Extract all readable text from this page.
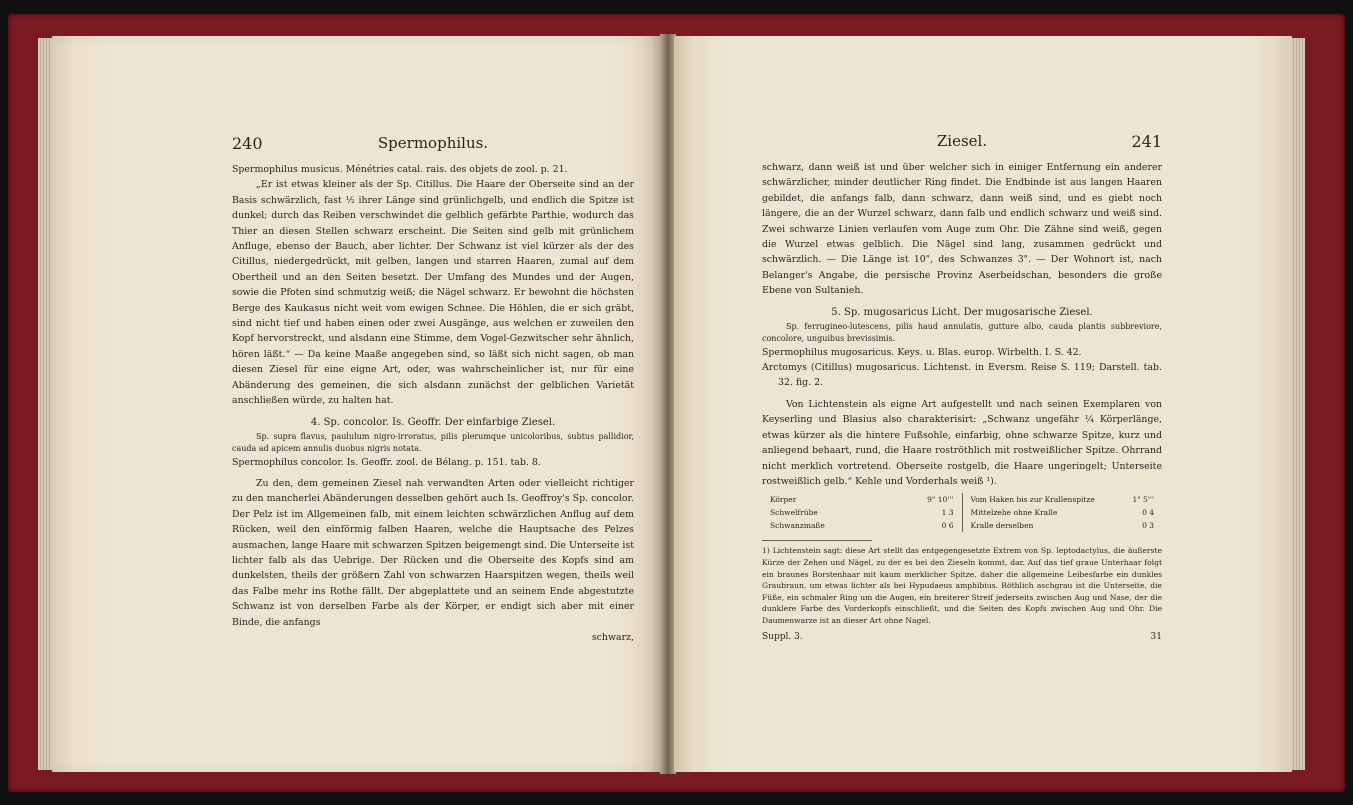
240	Spermophilus.

Spermophilus musicus. Ménétries catal. rais. des objets de zool. p. 21.

„Er ist etwas kleiner als der Sp. Citillus. Die Haare der Oberseite sind an der Basis schwärzlich, fast ½ ihrer Länge sind grünlichgelb, und endlich die Spitze ist dunkel; durch das Reiben verschwindet die gelblich gefärbte Parthie, wodurch das Thier an diesen Stellen schwarz erscheint. Die Seiten sind gelb mit grünlichem Anfluge, ebenso der Bauch, aber lichter. Der Schwanz ist viel kürzer als der des Citillus, niedergedrückt, mit gelben, langen und starren Haaren, zumal auf dem Obertheil und an den Seiten besetzt. Der Umfang des Mundes und der Augen, sowie die Pfoten sind schmutzig weiß; die Nägel schwarz. Er bewohnt die höchsten Berge des Kaukasus nicht weit vom ewigen Schnee. Die Höhlen, die er sich gräbt, sind nicht tief und haben einen oder zwei Ausgänge, aus welchen er zuweilen den Kopf hervorstreckt, und alsdann eine Stimme, dem Vogel-Gezwitscher sehr ähnlich, hören läßt.“ — Da keine Maaße angegeben sind, so läßt sich nicht sagen, ob man diesen Ziesel für eine eigne Art, oder, was wahrscheinlicher ist, nur für eine Abänderung des gemeinen, die sich alsdann zunächst der gelblichen Varietät anschließen würde, zu halten hat.

4. Sp. concolor. Is. Geoffr. Der einfarbige Ziesel.

Sp. supra flavus, paululum nigro-irroratus, pilis plerumque unicoloribus, subtus pallidior, cauda ad apicem annulis duobus nigris notata.

Spermophilus concolor. Is. Geoffr. zool. de Bélang. p. 151. tab. 8.

Zu den, dem gemeinen Ziesel nah verwandten Arten oder vielleicht richtiger zu den mancherlei Abänderungen desselben gehört auch Is. Geoffroy's Sp. concolor. Der Pelz ist im Allgemeinen falb, mit einem leichten schwärzlichen Anflug auf dem Rücken, weil den einförmig falben Haaren, welche die Hauptsache des Pelzes ausmachen, lange Haare mit schwarzen Spitzen beigemengt sind. Die Unterseite ist lichter falb als das Uebrige. Der Rücken und die Oberseite des Kopfs sind am dunkelsten, theils der größern Zahl von schwarzen Haarspitzen wegen, theils weil das Falbe mehr ins Rothe fällt. Der abgeplattete und an seinem Ende abgestutzte Schwanz ist von derselben Farbe als der Körper, er endigt sich aber mit einer Binde, die anfangs

schwarz,

Ziesel.	241

schwarz, dann weiß ist und über welcher sich in einiger Entfernung ein anderer schwärzlicher, minder deutlicher Ring findet. Die Endbinde ist aus langen Haaren gebildet, die anfangs falb, dann schwarz, dann weiß sind, und es giebt noch längere, die an der Wurzel schwarz, dann falb und endlich schwarz und weiß sind. Zwei schwarze Linien verlaufen vom Auge zum Ohr. Die Zähne sind weiß, gegen die Wurzel etwas gelblich. Die Nägel sind lang, zusammen gedrückt und schwärzlich. — Die Länge ist 10", des Schwanzes 3". — Der Wohnort ist, nach Belanger's Angabe, die persische Provinz Aserbeidschan, besonders die große Ebene von Sultanieh.

5. Sp. mugosaricus Licht. Der mugosarische Ziesel.

Sp. ferrugineo-lutescens, pilis haud annulatis, gutture albo, cauda plantis subbreviore, concolore, unguibus brevissimis.

Spermophilus mugosaricus. Keys. u. Blas. europ. Wirbelth. I. S. 42.

Arctomys (Citillus) mugosaricus. Lichtenst. in Eversm. Reise S. 119; Darstell. tab. 32. fig. 2.

Von Lichtenstein als eigne Art aufgestellt und nach seinen Exemplaren von Keyserling und Blasius also charakterisirt: „Schwanz ungefähr ¼ Körperlänge, etwas kürzer als die hintere Fußsohle, einfarbig, ohne schwarze Spitze, kurz und anliegend behaart, rund, die Haare roströthlich mit rostweißlicher Spitze. Ohrrand nicht merklich vortretend. Oberseite rostgelb, die Haare ungeringelt; Unterseite rostweißlich gelb.“ Kehle und Vorderhals weiß ¹).

Körper	9" 10'''
Schwelfrübe	1 3
Schwanzmaße	0 6
Vom Haken bis zur Krallenspitze	1" 5'''
Mittelzehe ohne Kralle	0 4
Kralle derselben	0 3

1) Lichtenstein sagt: diese Art stellt das entgegengesetzte Extrem von Sp. leptodactylus, die äußerste Kürze der Zehen und Nägel, zu der es bei den Zieseln kommt, dar. Auf das tief graue Unterhaar folgt ein braunes Borstenhaar mit kaum merklicher Spitze, daher die allgemeine Leibesfarbe ein dunkles Graubraun, um etwas lichter als bei Hypudaeus amphibius. Röthlich aschgrau ist die Unterseite, die Füße, ein schmaler Ring um die Augen, ein breiterer Streif jederseits zwischen Aug und Nase, der die dunklere Farbe des Vorderkopfs einschließt, und die Seiten des Kopfs zwischen Aug und Ohr. Die Daumenwarze ist an dieser Art ohne Nagel.

Suppl. 3.	31
